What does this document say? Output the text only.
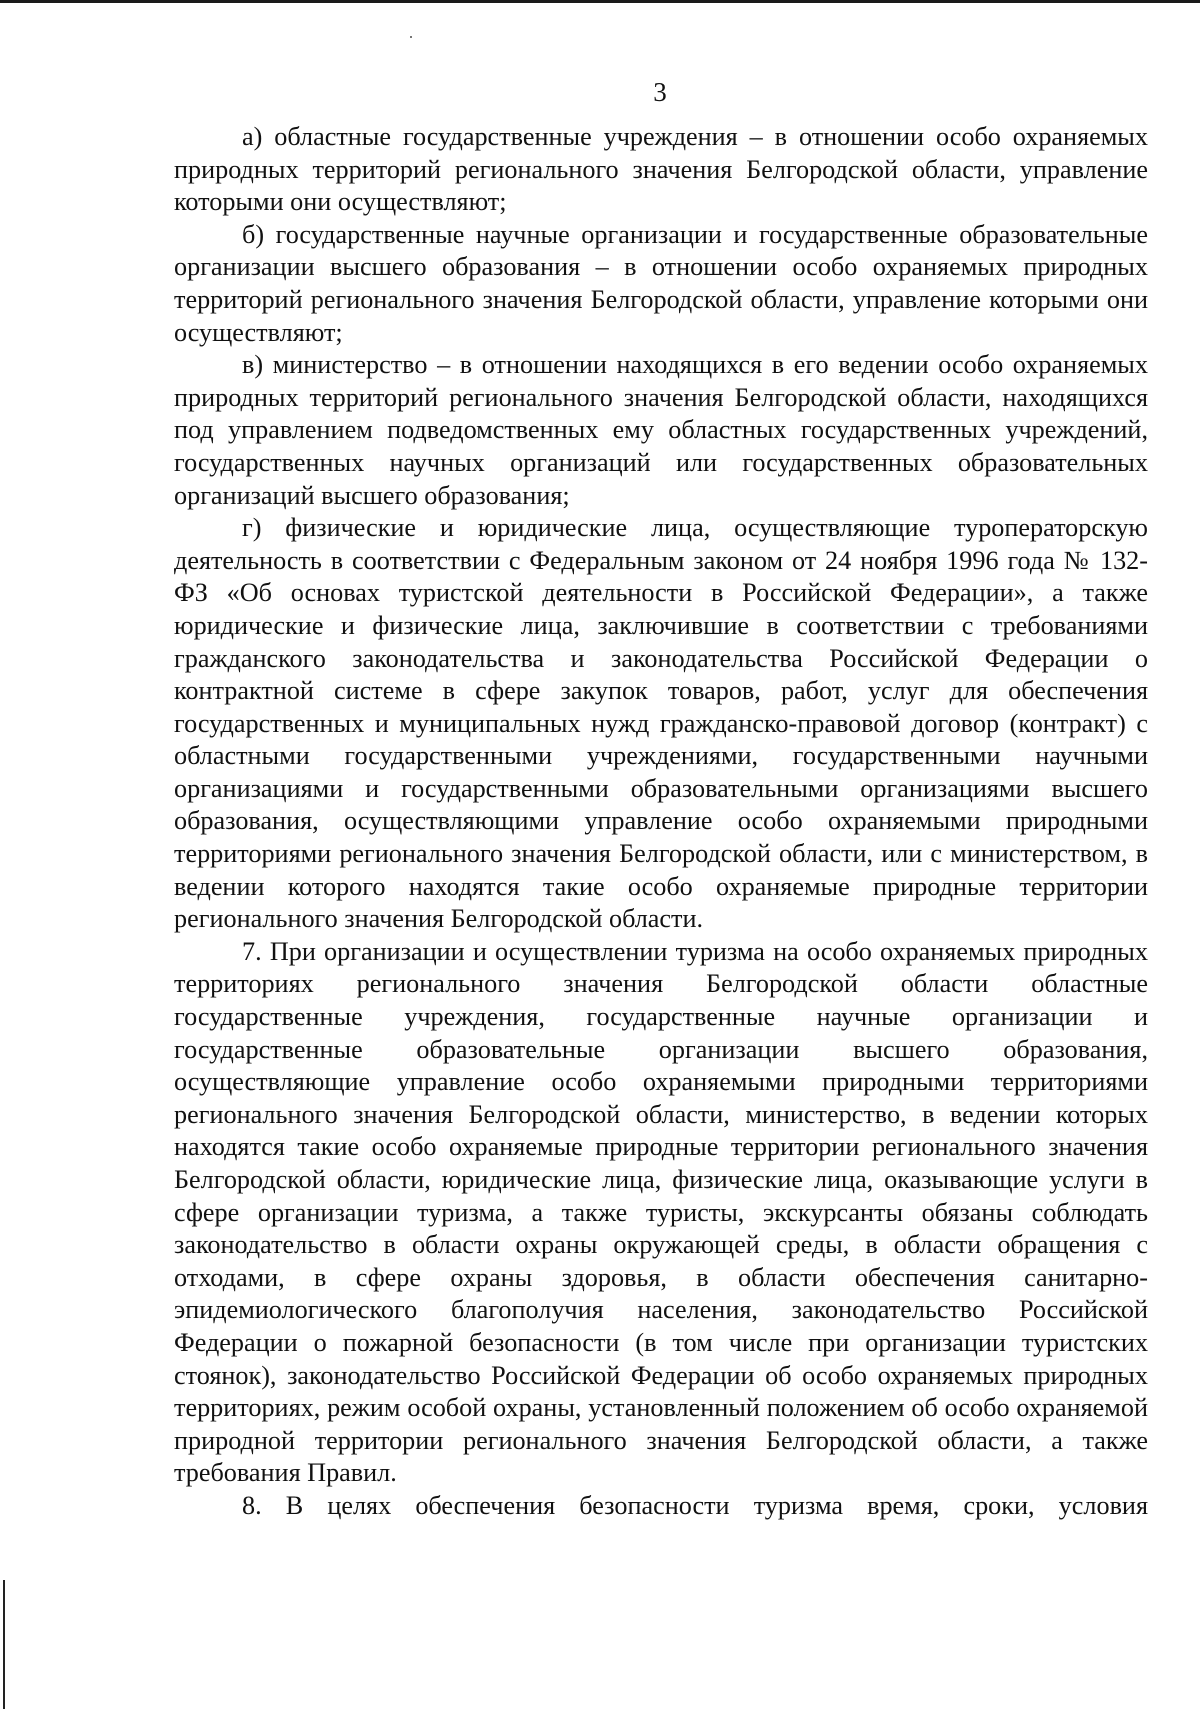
3

а) областные государственные учреждения – в отношении особо охраняемых природных территорий регионального значения Белгородской области, управление которыми они осуществляют;

б) государственные научные организации и государственные образовательные организации высшего образования – в отношении особо охраняемых природных территорий регионального значения Белгородской области, управление которыми они осуществляют;

в) министерство – в отношении находящихся в его ведении особо охраняемых природных территорий регионального значения Белгородской области, находящихся под управлением подведомственных ему областных государственных учреждений, государственных научных организаций или государственных образовательных организаций высшего образования;

г) физические и юридические лица, осуществляющие туроператорскую деятельность в соответствии с Федеральным законом от 24 ноября 1996 года № 132-ФЗ «Об основах туристской деятельности в Российской Федерации», а также юридические и физические лица, заключившие в соответствии с требованиями гражданского законодательства и законодательства Российской Федерации о контрактной системе в сфере закупок товаров, работ, услуг для обеспечения государственных и муниципальных нужд гражданско-правовой договор (контракт) с областными государственными учреждениями, государственными научными организациями и государственными образовательными организациями высшего образования, осуществляющими управление особо охраняемыми природными территориями регионального значения Белгородской области, или с министерством, в ведении которого находятся такие особо охраняемые природные территории регионального значения Белгородской области.

7. При организации и осуществлении туризма на особо охраняемых природных территориях регионального значения Белгородской области областные государственные учреждения, государственные научные организации и государственные образовательные организации высшего образования, осуществляющие управление особо охраняемыми природными территориями регионального значения Белгородской области, министерство, в ведении которых находятся такие особо охраняемые природные территории регионального значения Белгородской области, юридические лица, физические лица, оказывающие услуги в сфере организации туризма, а также туристы, экскурсанты обязаны соблюдать законодательство в области охраны окружающей среды, в области обращения с отходами, в сфере охраны здоровья, в области обеспечения санитарно-эпидемиологического благополучия населения, законодательство Российской Федерации о пожарной безопасности (в том числе при организации туристских стоянок), законодательство Российской Федерации об особо охраняемых природных территориях, режим особой охраны, установленный положением об особо охраняемой природной территории регионального значения Белгородской области, а также требования Правил.

8. В целях обеспечения безопасности туризма время, сроки, условия
